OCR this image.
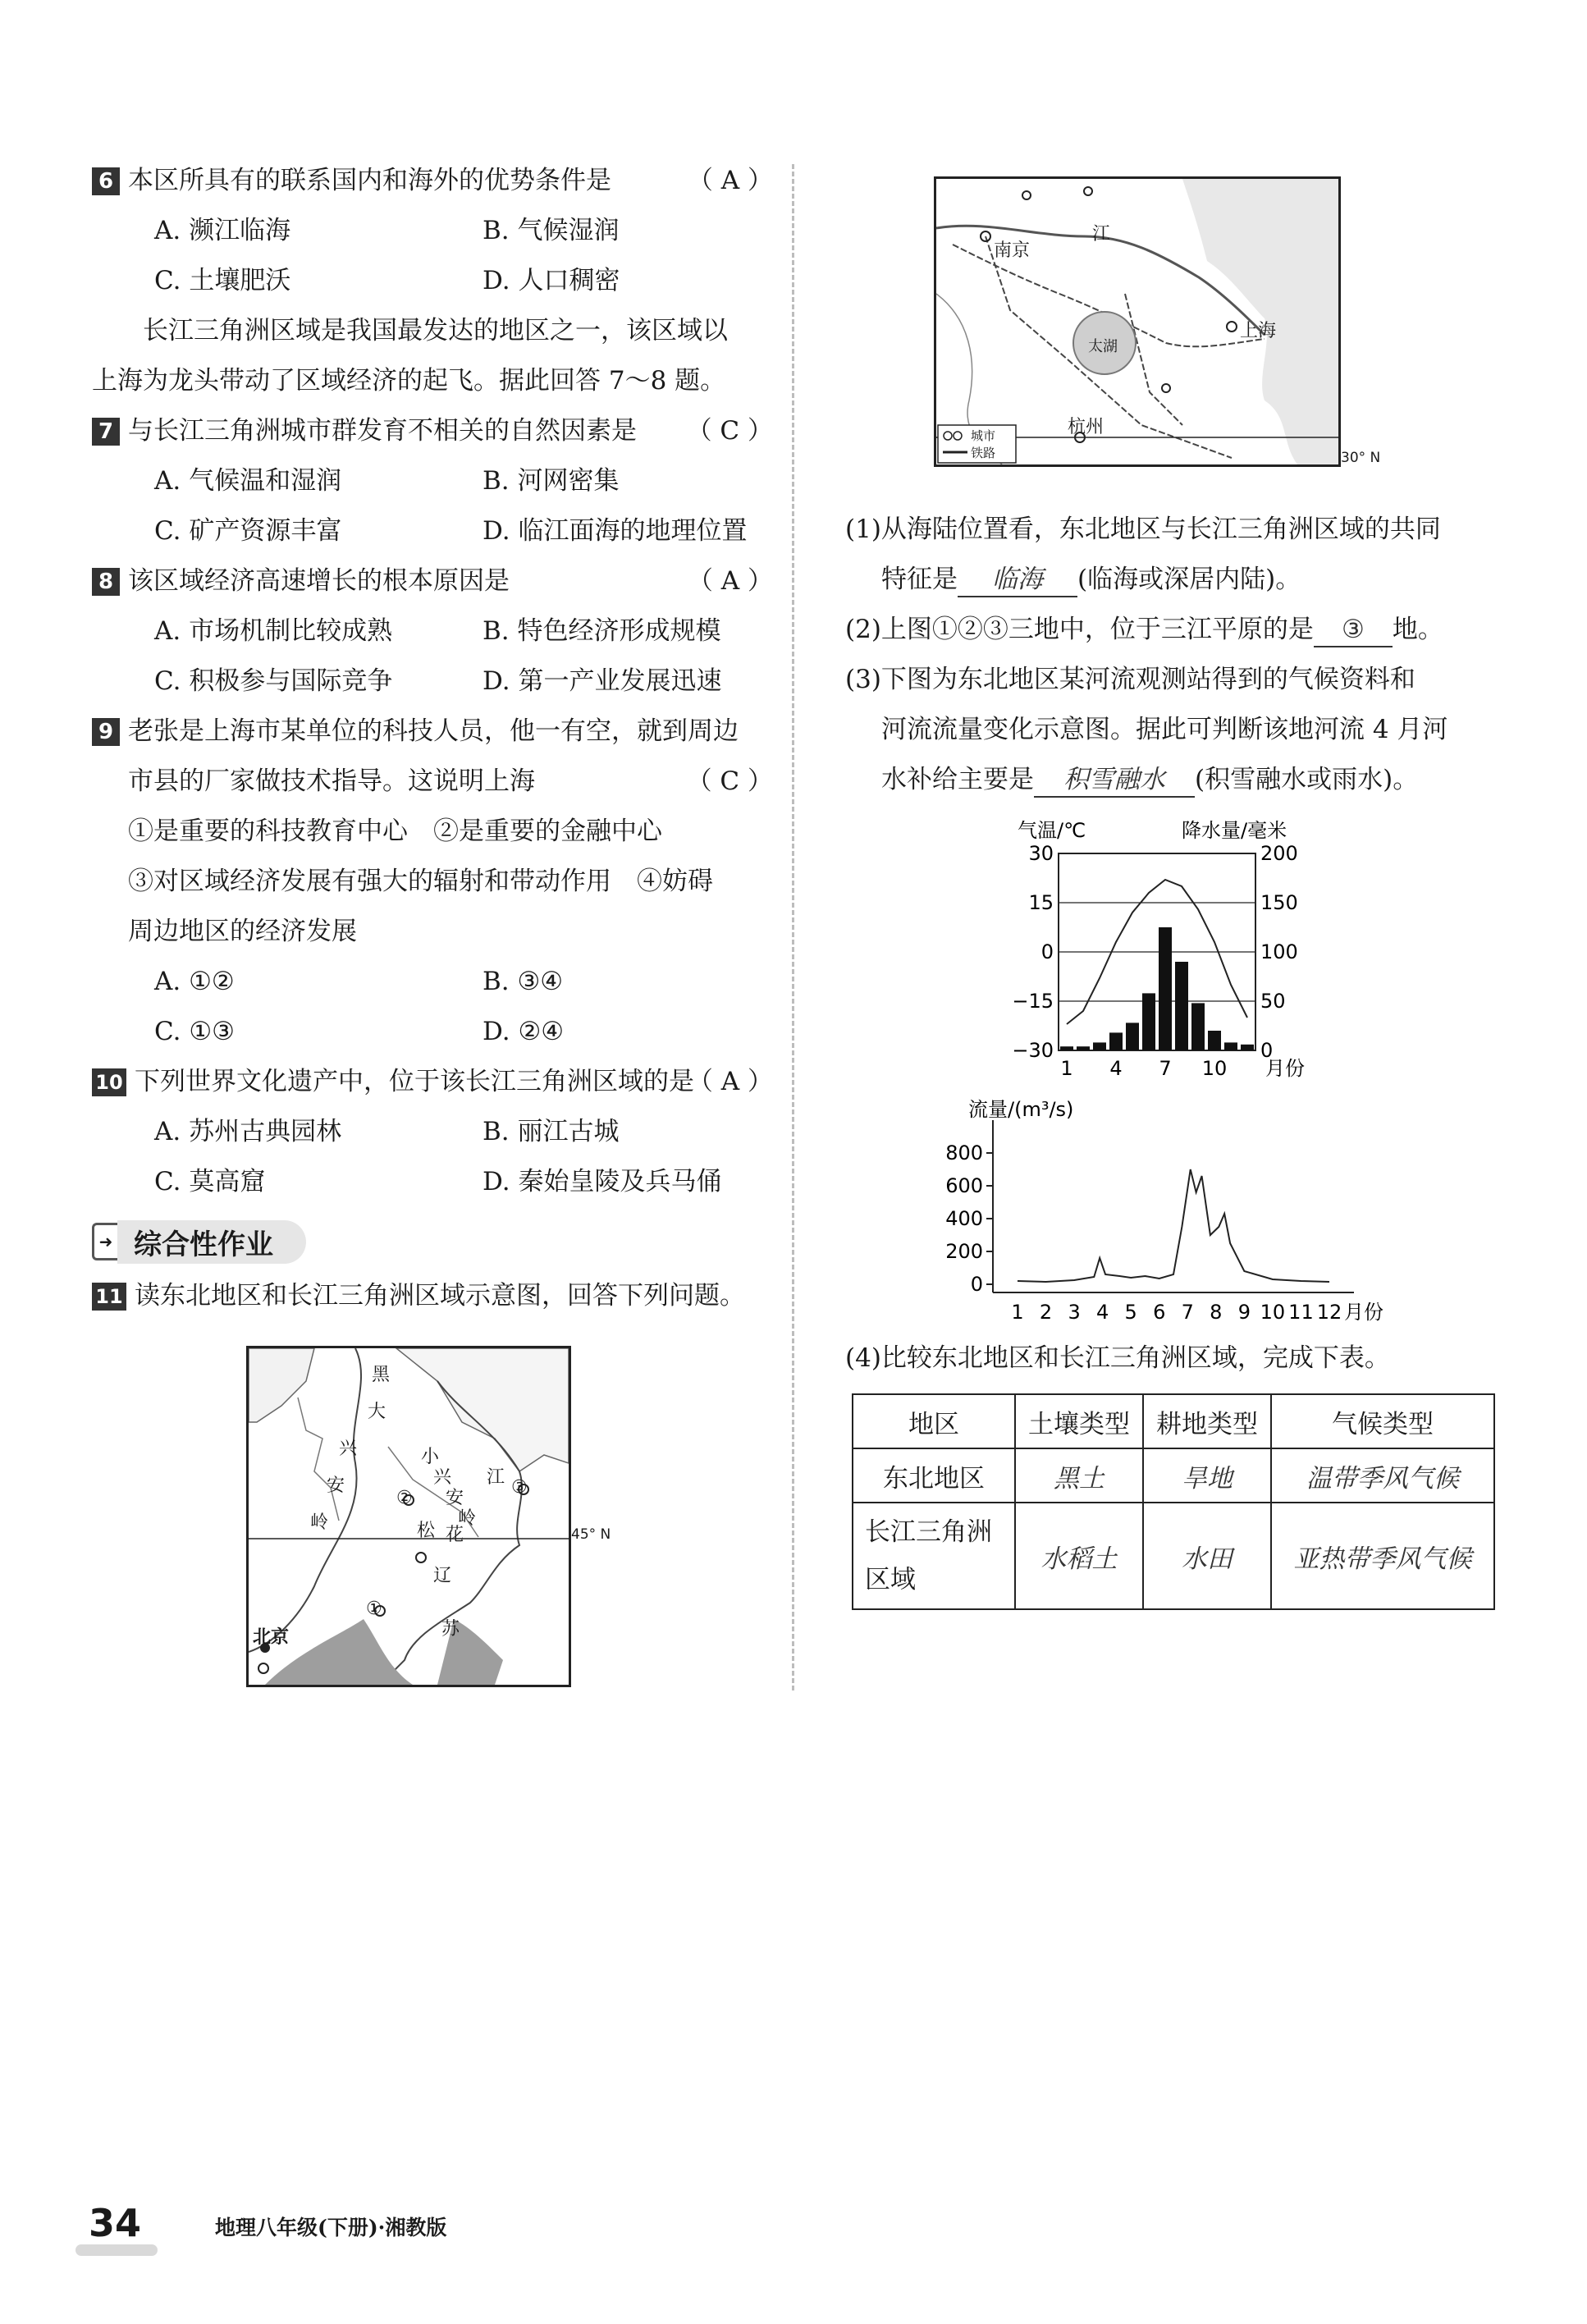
6 本区所具有的联系国内和海外的优势条件是	（ A ）
A. 濒江临海	B. 气候湿润
C. 土壤肥沃	D. 人口稠密
长江三角洲区域是我国最发达的地区之一，该区域以
上海为龙头带动了区域经济的起飞。据此回答 7～8 题。
7 与长江三角洲城市群发育不相关的自然因素是 （ C ）
A. 气候温和湿润	B. 河网密集
C. 矿产资源丰富	D. 临江面海的地理位置
8 该区域经济高速增长的根本原因是	（ A ）
A. 市场机制比较成熟	B. 特色经济形成规模
C. 积极参与国际竞争	D. 第一产业发展迅速
9 老张是上海市某单位的科技人员，他一有空，就到周边
市县的厂家做技术指导。这说明上海	（ C ）
①是重要的科技教育中心　②是重要的金融中心
③对区域经济发展有强大的辐射和带动作用　④妨碍
周边地区的经济发展
A. ①②	B. ③④
C. ①③	D. ②④
10 下列世界文化遗产中，位于该长江三角洲区域的是
（ A ）
A. 苏州古典园林	B. 丽江古城
C. 莫高窟	D. 秦始皇陵及兵马俑
➜ 综合性作业
11 读东北地区和长江三角洲区域示意图，回答下列问题。
黑
大
兴
安
岭
小
兴
安
岭
松 花
江
②
③
①
北京
辽
苏
45° N
南京
江
太湖
上海
杭州
城市
铁路	30° N
(1)从海陆位置看，东北地区与长江三角洲区域的共同
特征是 临海 (临海或深居内陆)。
(2)上图①②③三地中，位于三江平原的是 ③ 地。
(3)下图为东北地区某河流观测站得到的气候资料和
河流流量变化示意图。据此可判断该地河流 4 月河
水补给主要是 积雪融水 (积雪融水或雨水)。
30
15
0
−15
−30
200
150
100
50
0
1 4 7 10 月份
气温/℃	降水量/毫米
800
600
400
200
0
1 2 3 4 5 6 7 8 9 10 11 12 月份
流量/(m³/s)
(4)比较东北地区和长江三角洲区域，完成下表。
地区	土壤类型	耕地类型	气候类型
东北地区	黑土	旱地	温带季风气候
长江三角洲区域	水稻土	水田	亚热带季风气候
34	地理八年级(下册)·湘教版
